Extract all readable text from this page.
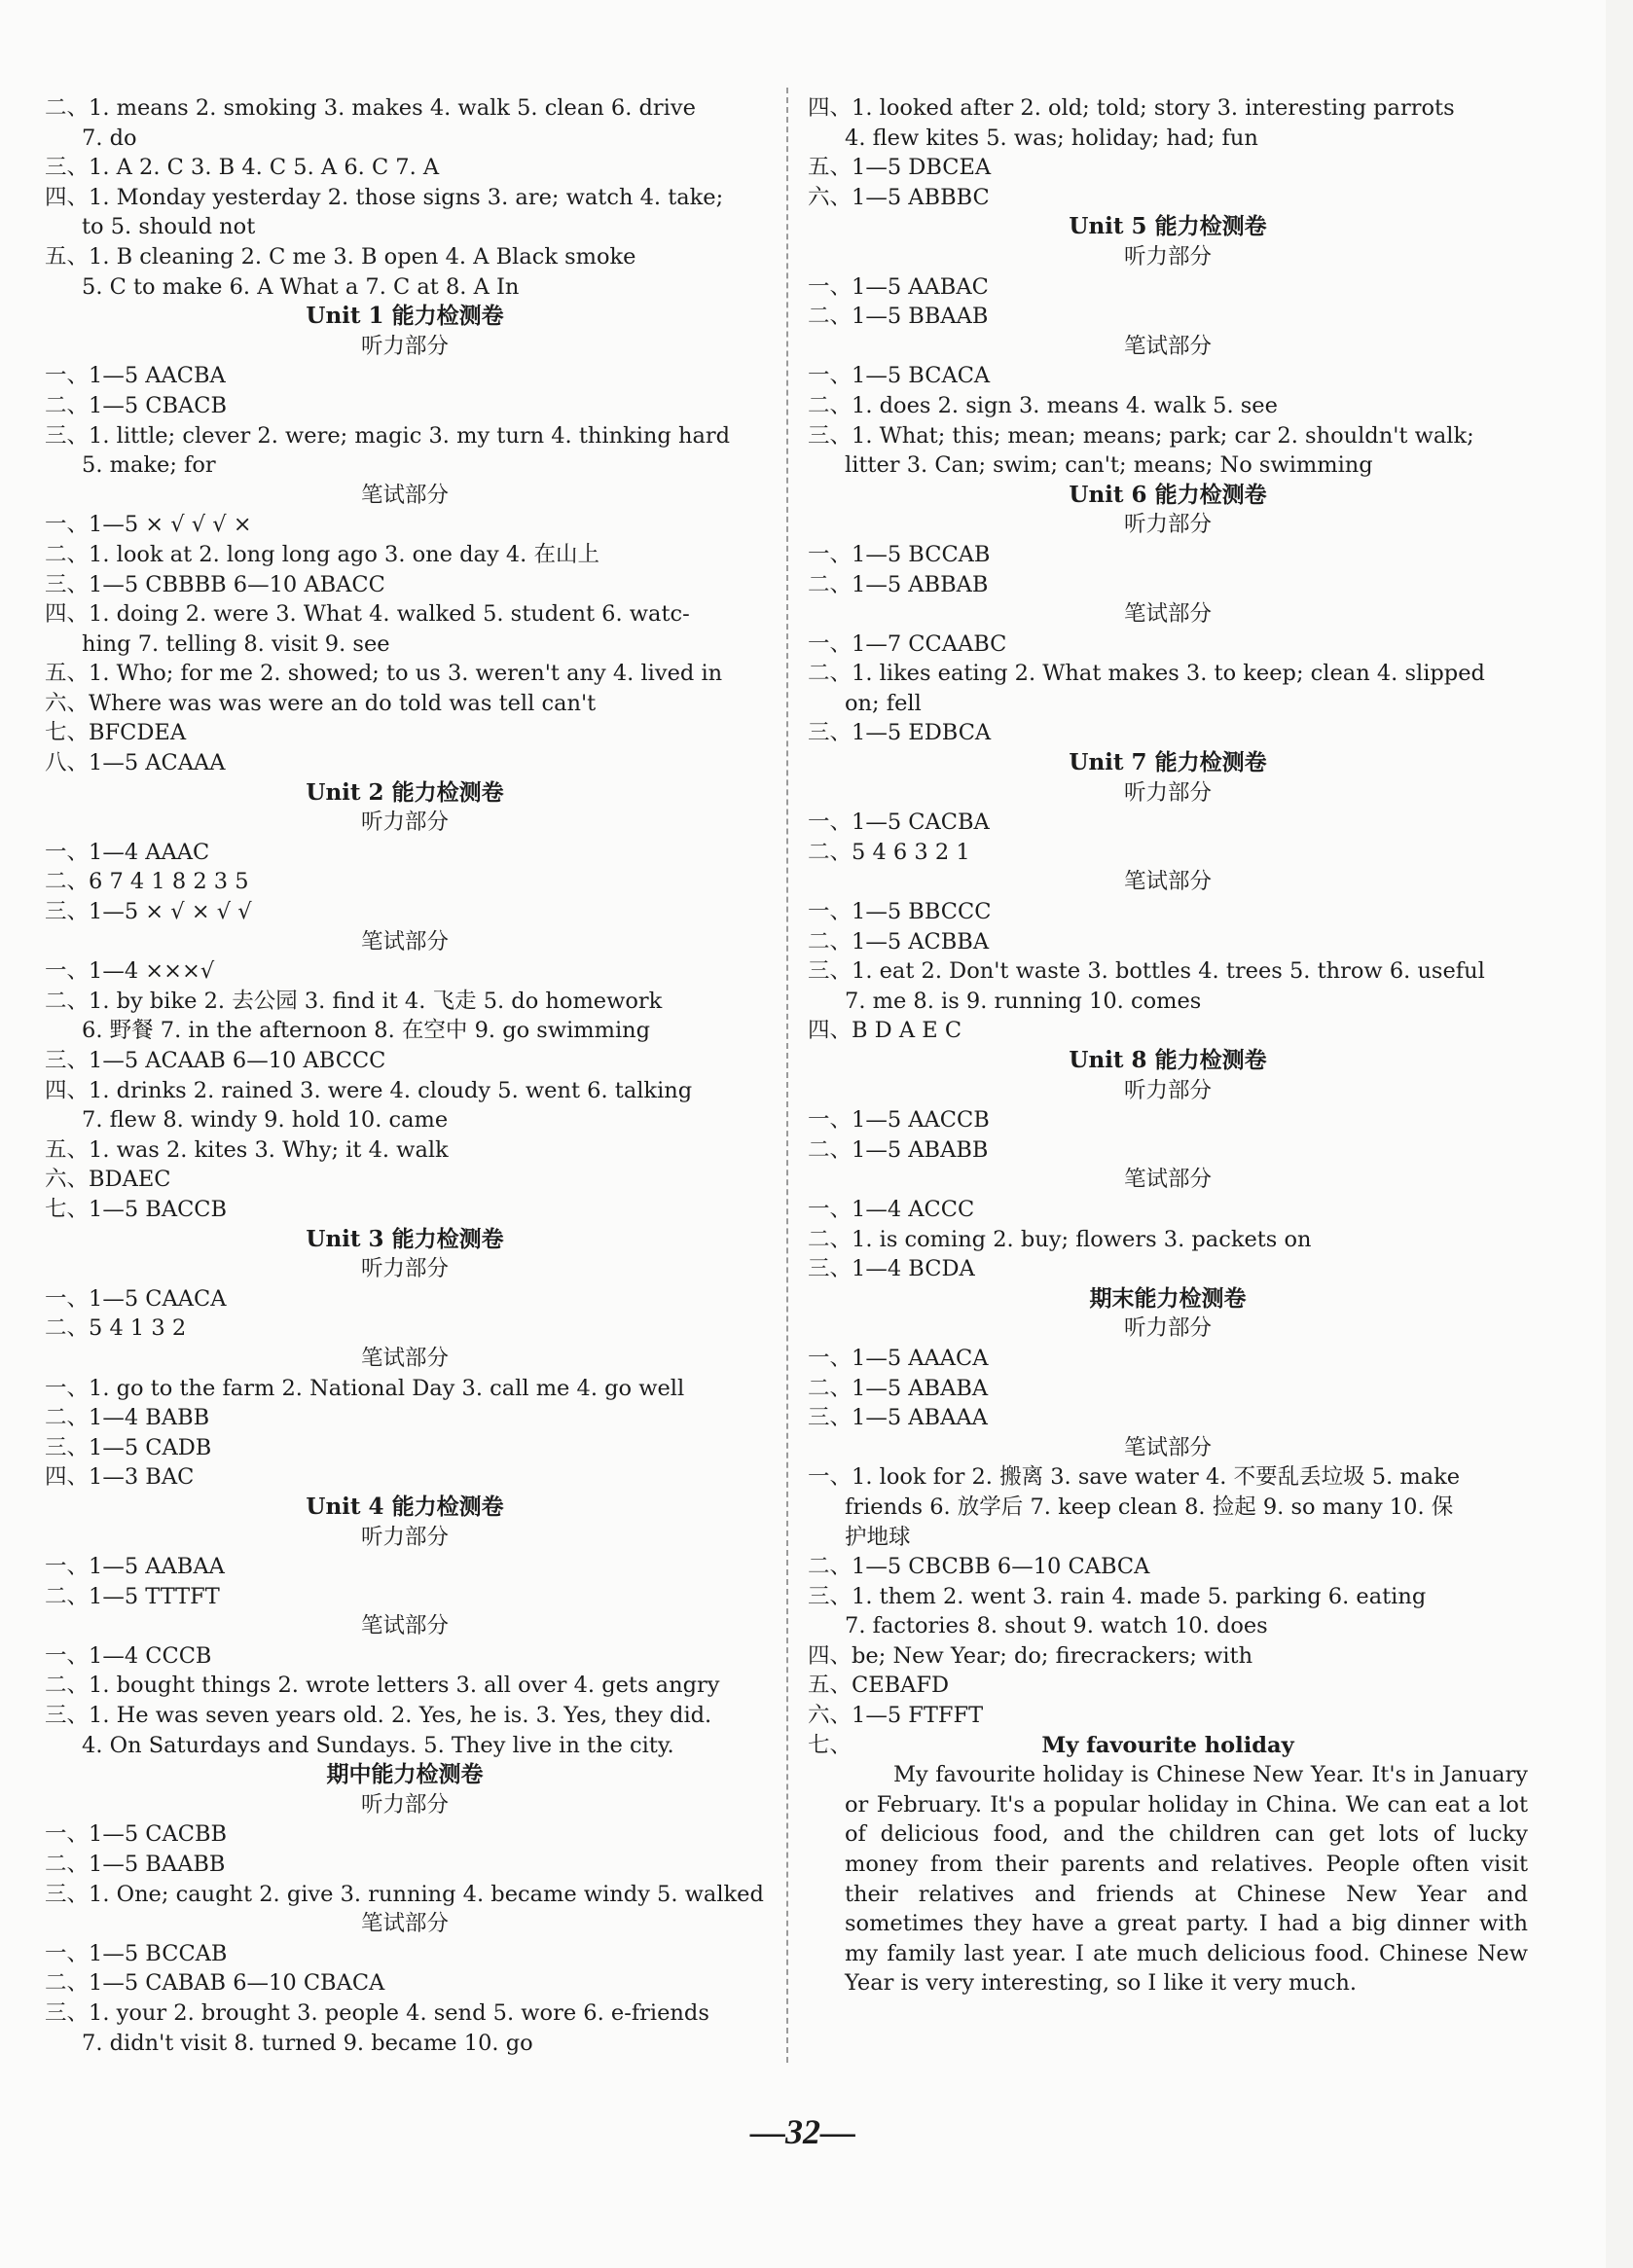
二、1. means 2. smoking 3. makes 4. walk 5. clean 6. drive
7. do
三、1. A 2. C 3. B 4. C 5. A 6. C 7. A
四、1. Monday yesterday 2. those signs 3. are; watch 4. take;
to 5. should not
五、1. B cleaning 2. C me 3. B open 4. A Black smoke
5. C to make 6. A What a 7. C at 8. A In
Unit 1 能力检测卷
听力部分
一、1—5 AACBA
二、1—5 CBACB
三、1. little; clever 2. were; magic 3. my turn 4. thinking hard
5. make; for
笔试部分
一、1—5 × √ √ √ ×
二、1. look at 2. long long ago 3. one day 4. 在山上
三、1—5 CBBBB 6—10 ABACC
四、1. doing 2. were 3. What 4. walked 5. student 6. watc-
hing 7. telling 8. visit 9. see
五、1. Who; for me 2. showed; to us 3. weren't any 4. lived in
六、Where was was were an do told was tell can't
七、BFCDEA
八、1—5 ACAAA
Unit 2 能力检测卷
听力部分
一、1—4 AAAC
二、6 7 4 1 8 2 3 5
三、1—5 × √ × √ √
笔试部分
一、1—4 ×××√
二、1. by bike 2. 去公园 3. find it 4. 飞走 5. do homework
6. 野餐 7. in the afternoon 8. 在空中 9. go swimming
三、1—5 ACAAB 6—10 ABCCC
四、1. drinks 2. rained 3. were 4. cloudy 5. went 6. talking
7. flew 8. windy 9. hold 10. came
五、1. was 2. kites 3. Why; it 4. walk
六、BDAEC
七、1—5 BACCB
Unit 3 能力检测卷
听力部分
一、1—5 CAACA
二、5 4 1 3 2
笔试部分
一、1. go to the farm 2. National Day 3. call me 4. go well
二、1—4 BABB
三、1—5 CADB
四、1—3 BAC
Unit 4 能力检测卷
听力部分
一、1—5 AABAA
二、1—5 TTTFT
笔试部分
一、1—4 CCCB
二、1. bought things 2. wrote letters 3. all over 4. gets angry
三、1. He was seven years old. 2. Yes, he is. 3. Yes, they did.
4. On Saturdays and Sundays. 5. They live in the city.
期中能力检测卷
听力部分
一、1—5 CACBB
二、1—5 BAABB
三、1. One; caught 2. give 3. running 4. became windy 5. walked
笔试部分
一、1—5 BCCAB
二、1—5 CABAB 6—10 CBACA
三、1. your 2. brought 3. people 4. send 5. wore 6. e-friends
7. didn't visit 8. turned 9. became 10. go
四、1. looked after 2. old; told; story 3. interesting parrots
4. flew kites 5. was; holiday; had; fun
五、1—5 DBCEA
六、1—5 ABBBC
Unit 5 能力检测卷
听力部分
一、1—5 AABAC
二、1—5 BBAAB
笔试部分
一、1—5 BCACA
二、1. does 2. sign 3. means 4. walk 5. see
三、1. What; this; mean; means; park; car 2. shouldn't walk;
litter 3. Can; swim; can't; means; No swimming
Unit 6 能力检测卷
听力部分
一、1—5 BCCAB
二、1—5 ABBAB
笔试部分
一、1—7 CCAABC
二、1. likes eating 2. What makes 3. to keep; clean 4. slipped
on; fell
三、1—5 EDBCA
Unit 7 能力检测卷
听力部分
一、1—5 CACBA
二、5 4 6 3 2 1
笔试部分
一、1—5 BBCCC
二、1—5 ACBBA
三、1. eat 2. Don't waste 3. bottles 4. trees 5. throw 6. useful
7. me 8. is 9. running 10. comes
四、B D A E C
Unit 8 能力检测卷
听力部分
一、1—5 AACCB
二、1—5 ABABB
笔试部分
一、1—4 ACCC
二、1. is coming 2. buy; flowers 3. packets on
三、1—4 BCDA
期末能力检测卷
听力部分
一、1—5 AAACA
二、1—5 ABABA
三、1—5 ABAAA
笔试部分
一、1. look for 2. 搬离 3. save water 4. 不要乱丢垃圾 5. make
friends 6. 放学后 7. keep clean 8. 捡起 9. so many 10. 保
护地球
二、1—5 CBCBB 6—10 CABCA
三、1. them 2. went 3. rain 4. made 5. parking 6. eating
7. factories 8. shout 9. watch 10. does
四、be; New Year; do; firecrackers; with
五、CEBAFD
六、1—5 FTFFT
七、	My favourite holiday
My favourite holiday is Chinese New Year. It's in January or February. It's a popular holiday in China. We can eat a lot of delicious food, and the children can get lots of lucky money from their parents and relatives. People often visit their relatives and friends at Chinese New Year and sometimes they have a great party. I had a big dinner with my family last year. I ate much delicious food. Chinese New Year is very interesting, so I like it very much.
—32—
